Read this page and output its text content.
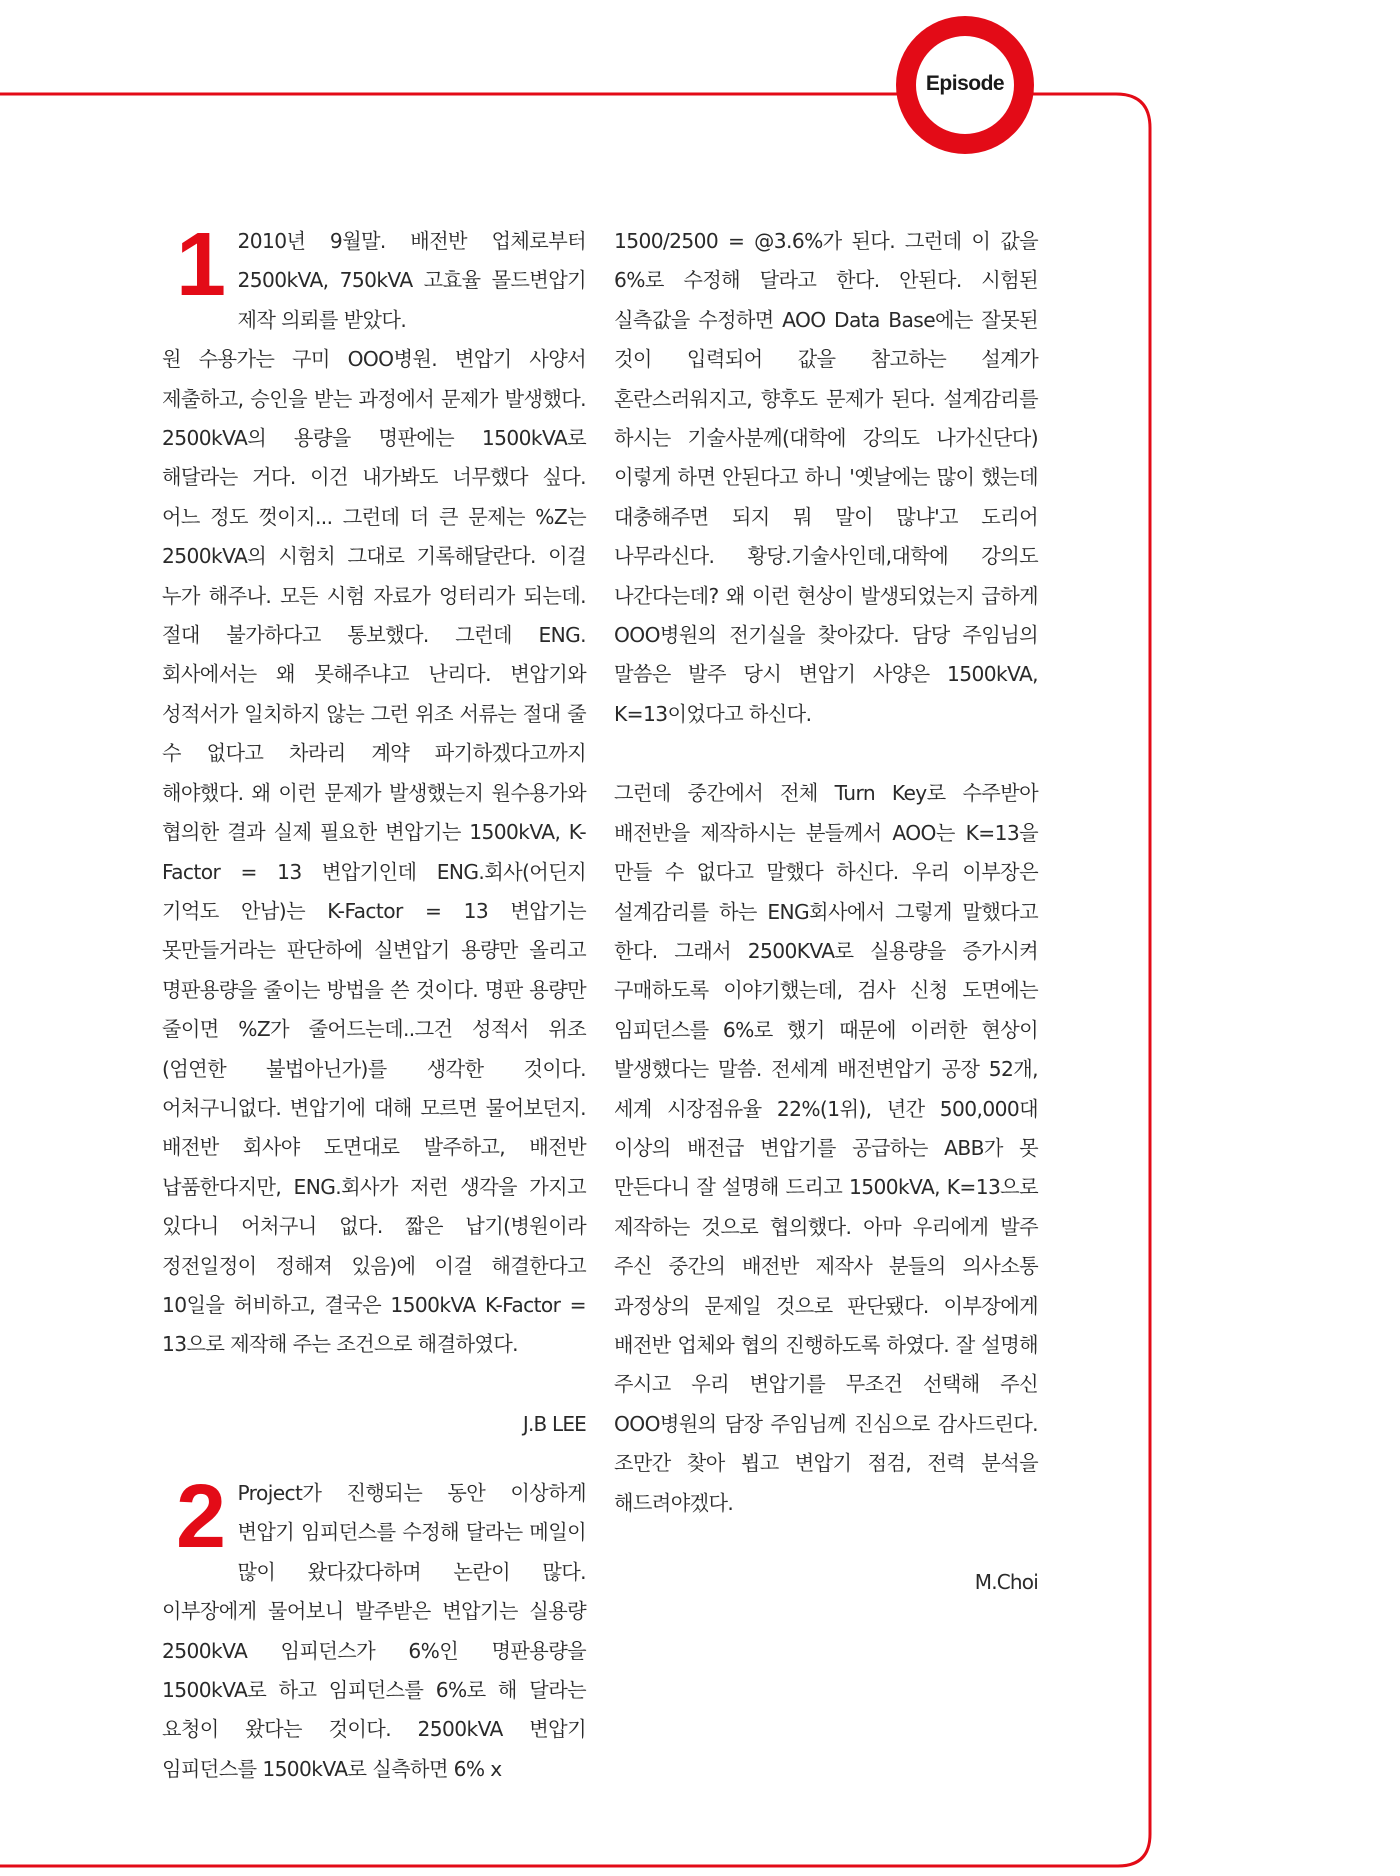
Episode

1 2010년 9월말. 배전반 업체로부터 2500kVA, 750kVA 고효율 몰드변압기 제작 의뢰를 받았다.

원 수용가는 구미 OOO병원. 변압기 사양서 제출하고, 승인을 받는 과정에서 문제가 발생했다. 2500kVA의 용량을 명판에는 1500kVA로 해달라는 거다. 이건 내가봐도 너무했다 싶다. 어느 정도 껏이지... 그런데 더 큰 문제는 %Z는 2500kVA의 시험치 그대로 기록해달란다. 이걸 누가 해주나. 모든 시험 자료가 엉터리가 되는데. 절대 불가하다고 통보했다. 그런데 ENG. 회사에서는 왜 못해주냐고 난리다. 변압기와 성적서가 일치하지 않는 그런 위조 서류는 절대 줄 수 없다고 차라리 계약 파기하겠다고까지 해야했다. 왜 이런 문제가 발생했는지 원수용가와 협의한 결과 실제 필요한 변압기는 1500kVA, K-Factor = 13 변압기인데 ENG.회사(어딘지 기억도 안남)는 K-Factor = 13 변압기는 못만들거라는 판단하에 실변압기 용량만 올리고 명판용량을 줄이는 방법을 쓴 것이다. 명판 용량만 줄이면 %Z가 줄어드는데..그건 성적서 위조(엄연한 불법아닌가)를 생각한 것이다. 어처구니없다. 변압기에 대해 모르면 물어보던지. 배전반 회사야 도면대로 발주하고, 배전반 납품한다지만, ENG.회사가 저런 생각을 가지고 있다니 어처구니 없다. 짧은 납기(병원이라 정전일정이 정해져 있음)에 이걸 해결한다고 10일을 허비하고, 결국은 1500kVA K-Factor = 13으로 제작해 주는 조건으로 해결하였다.

J.B LEE

2 Project가 진행되는 동안 이상하게 변압기 임피던스를 수정해 달라는 메일이 많이 왔다갔다하며 논란이 많다. 이부장에게 물어보니 발주받은 변압기는 실용량 2500kVA 임피던스가 6%인 명판용량을 1500kVA로 하고 임피던스를 6%로 해 달라는 요청이 왔다는 것이다. 2500kVA 변압기 임피던스를 1500kVA로 실측하면 6% x

1500/2500 = @3.6%가 된다. 그런데 이 값을 6%로 수정해 달라고 한다. 안된다. 시험된 실측값을 수정하면 AOO Data Base에는 잘못된 것이 입력되어 값을 참고하는 설계가 혼란스러워지고, 향후도 문제가 된다. 설계감리를 하시는 기술사분께(대학에 강의도 나가신단다) 이렇게 하면 안된다고 하니 '옛날에는 많이 했는데 대충해주면 되지 뭐 말이 많냐'고 도리어 나무라신다. 황당.기술사인데,대학에 강의도 나간다는데? 왜 이런 현상이 발생되었는지 급하게 OOO병원의 전기실을 찾아갔다. 담당 주임님의 말씀은 발주 당시 변압기 사양은 1500kVA, K=13이었다고 하신다.

그런데 중간에서 전체 Turn Key로 수주받아 배전반을 제작하시는 분들께서 AOO는 K=13을 만들 수 없다고 말했다 하신다. 우리 이부장은 설계감리를 하는 ENG회사에서 그렇게 말했다고 한다. 그래서 2500KVA로 실용량을 증가시켜 구매하도록 이야기했는데, 검사 신청 도면에는 임피던스를 6%로 했기 때문에 이러한 현상이 발생했다는 말씀. 전세계 배전변압기 공장 52개, 세계 시장점유율 22%(1위), 년간 500,000대 이상의 배전급 변압기를 공급하는 ABB가 못 만든다니 잘 설명해 드리고 1500kVA, K=13으로 제작하는 것으로 협의했다. 아마 우리에게 발주 주신 중간의 배전반 제작사 분들의 의사소통 과정상의 문제일 것으로 판단됐다. 이부장에게 배전반 업체와 협의 진행하도록 하였다. 잘 설명해 주시고 우리 변압기를 무조건 선택해 주신 OOO병원의 담장 주임님께 진심으로 감사드린다. 조만간 찾아 뵙고 변압기 점검, 전력 분석을 해드려야겠다.

M.Choi
